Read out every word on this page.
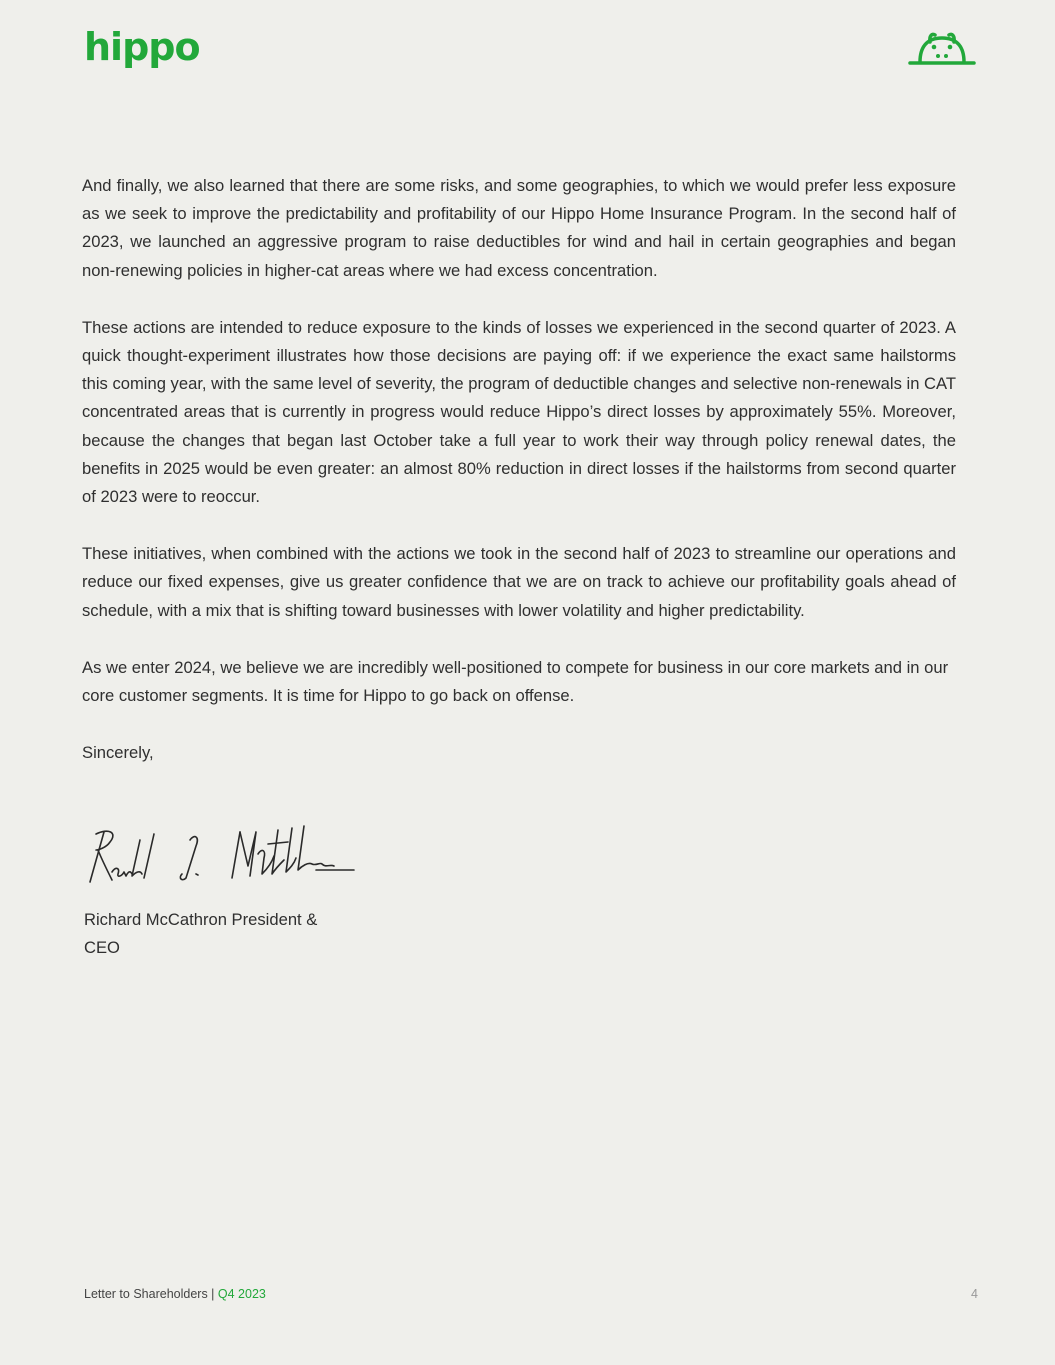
hippo

And finally, we also learned that there are some risks, and some geographies, to which we would prefer less exposure as we seek to improve the predictability and profitability of our Hippo Home Insurance Program. In the second half of 2023, we launched an aggressive program to raise deductibles for wind and hail in certain geographies and began non-renewing policies in higher-cat areas where we had excess concentration.

These actions are intended to reduce exposure to the kinds of losses we experienced in the second quarter of 2023. A quick thought-experiment illustrates how those decisions are paying off: if we experience the exact same hailstorms this coming year, with the same level of severity, the program of deductible changes and selective non-renewals in CAT concentrated areas that is currently in progress would reduce Hippo’s direct losses by approximately 55%. Moreover, because the changes that began last October take a full year to work their way through policy renewal dates, the benefits in 2025 would be even greater: an almost 80% reduction in direct losses if the hailstorms from second quarter of 2023 were to reoccur.

These initiatives, when combined with the actions we took in the second half of 2023 to streamline our operations and reduce our fixed expenses, give us greater confidence that we are on track to achieve our profitability goals ahead of schedule, with a mix that is shifting toward businesses with lower volatility and higher predictability.

As we enter 2024, we believe we are incredibly well-positioned to compete for business in our core markets and in our core customer segments. It is time for Hippo to go back on offense.

Sincerely,

Richard McCathron President & CEO
Letter to Shareholders | Q4 2023	4
